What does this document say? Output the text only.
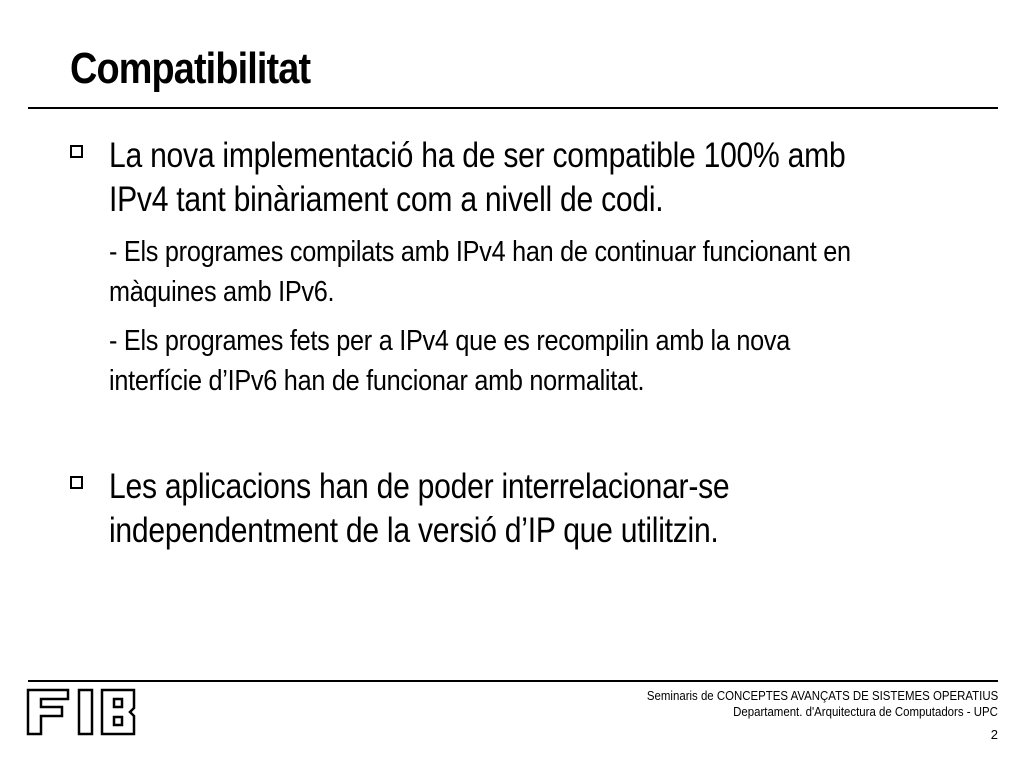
Compatibilitat
La nova implementació ha de ser compatible 100% amb
IPv4 tant binàriament com a nivell de codi.
- Els programes compilats amb IPv4 han de continuar funcionant en
màquines amb IPv6.
- Els programes fets per a IPv4 que es recompilin amb la nova
interfície d’IPv6 han de funcionar amb normalitat.
Les aplicacions han de poder interrelacionar-se
independentment de la versió d’IP que utilitzin.
Seminaris de CONCEPTES AVANÇATS DE SISTEMES OPERATIUS
Departament. d'Arquitectura de Computadors - UPC
2
